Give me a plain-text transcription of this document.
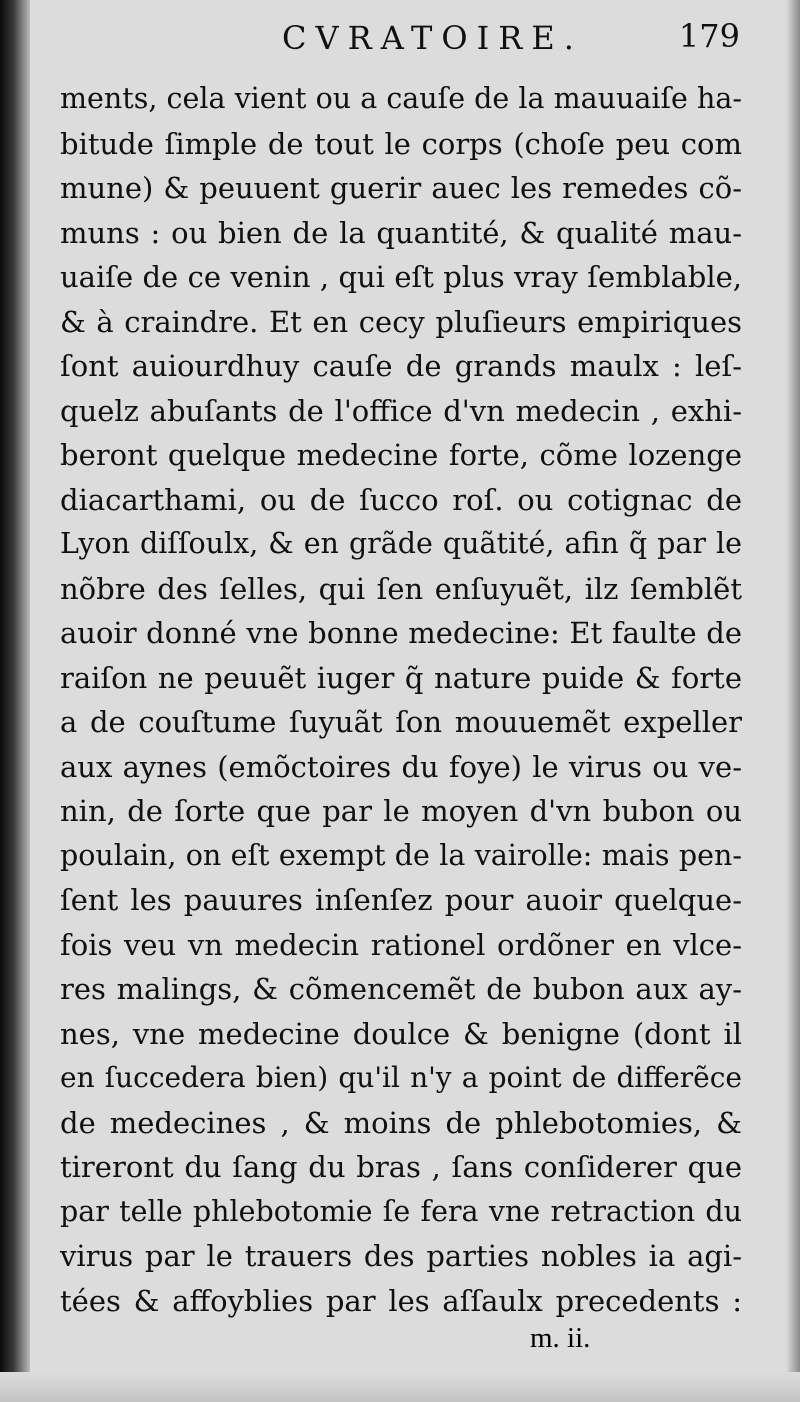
CVRATOIRE.	179
ments, cela vient ou a cauſe de la mauuaiſe ha-
bitude ſimple de tout le corps (choſe peu com
mune) & peuuent guerir auec les remedes cõ-
muns : ou bien de la quantité, & qualité mau-
uaiſe de ce venin , qui eſt plus vray ſemblable,
& à craindre. Et en cecy pluſieurs empiriques
ſont auiourdhuy cauſe de grands maulx : leſ-
quelz abuſants de l'office d'vn medecin , exhi-
beront quelque medecine forte, cõme lozenge
diacarthami, ou de ſucco roſ. ou cotignac de
Lyon diſſoulx, & en grãde quãtité, afin q̃ par le
nõbre des ſelles, qui ſen enſuyuẽt, ilz ſemblẽt
auoir donné vne bonne medecine: Et faulte de
raiſon ne peuuẽt iuger q̃ nature puide & forte
a de couſtume ſuyuãt ſon mouuemẽt expeller
aux aynes (emõctoires du foye) le virus ou ve-
nin, de ſorte que par le moyen d'vn bubon ou
poulain, on eſt exempt de la vairolle: mais pen-
ſent les pauures inſenſez pour auoir quelque-
fois veu vn medecin rationel ordõner en vlce-
res malings, & cõmencemẽt de bubon aux ay-
nes, vne medecine doulce & benigne (dont il
en ſuccedera bien) qu'il n'y a point de differẽce
de medecines , & moins de phlebotomies, &
tireront du ſang du bras , ſans conſiderer que
par telle phlebotomie ſe fera vne retraction du
virus par le trauers des parties nobles ia agi-
tées & affoyblies par les aſſaulx precedents :
m. ii.
